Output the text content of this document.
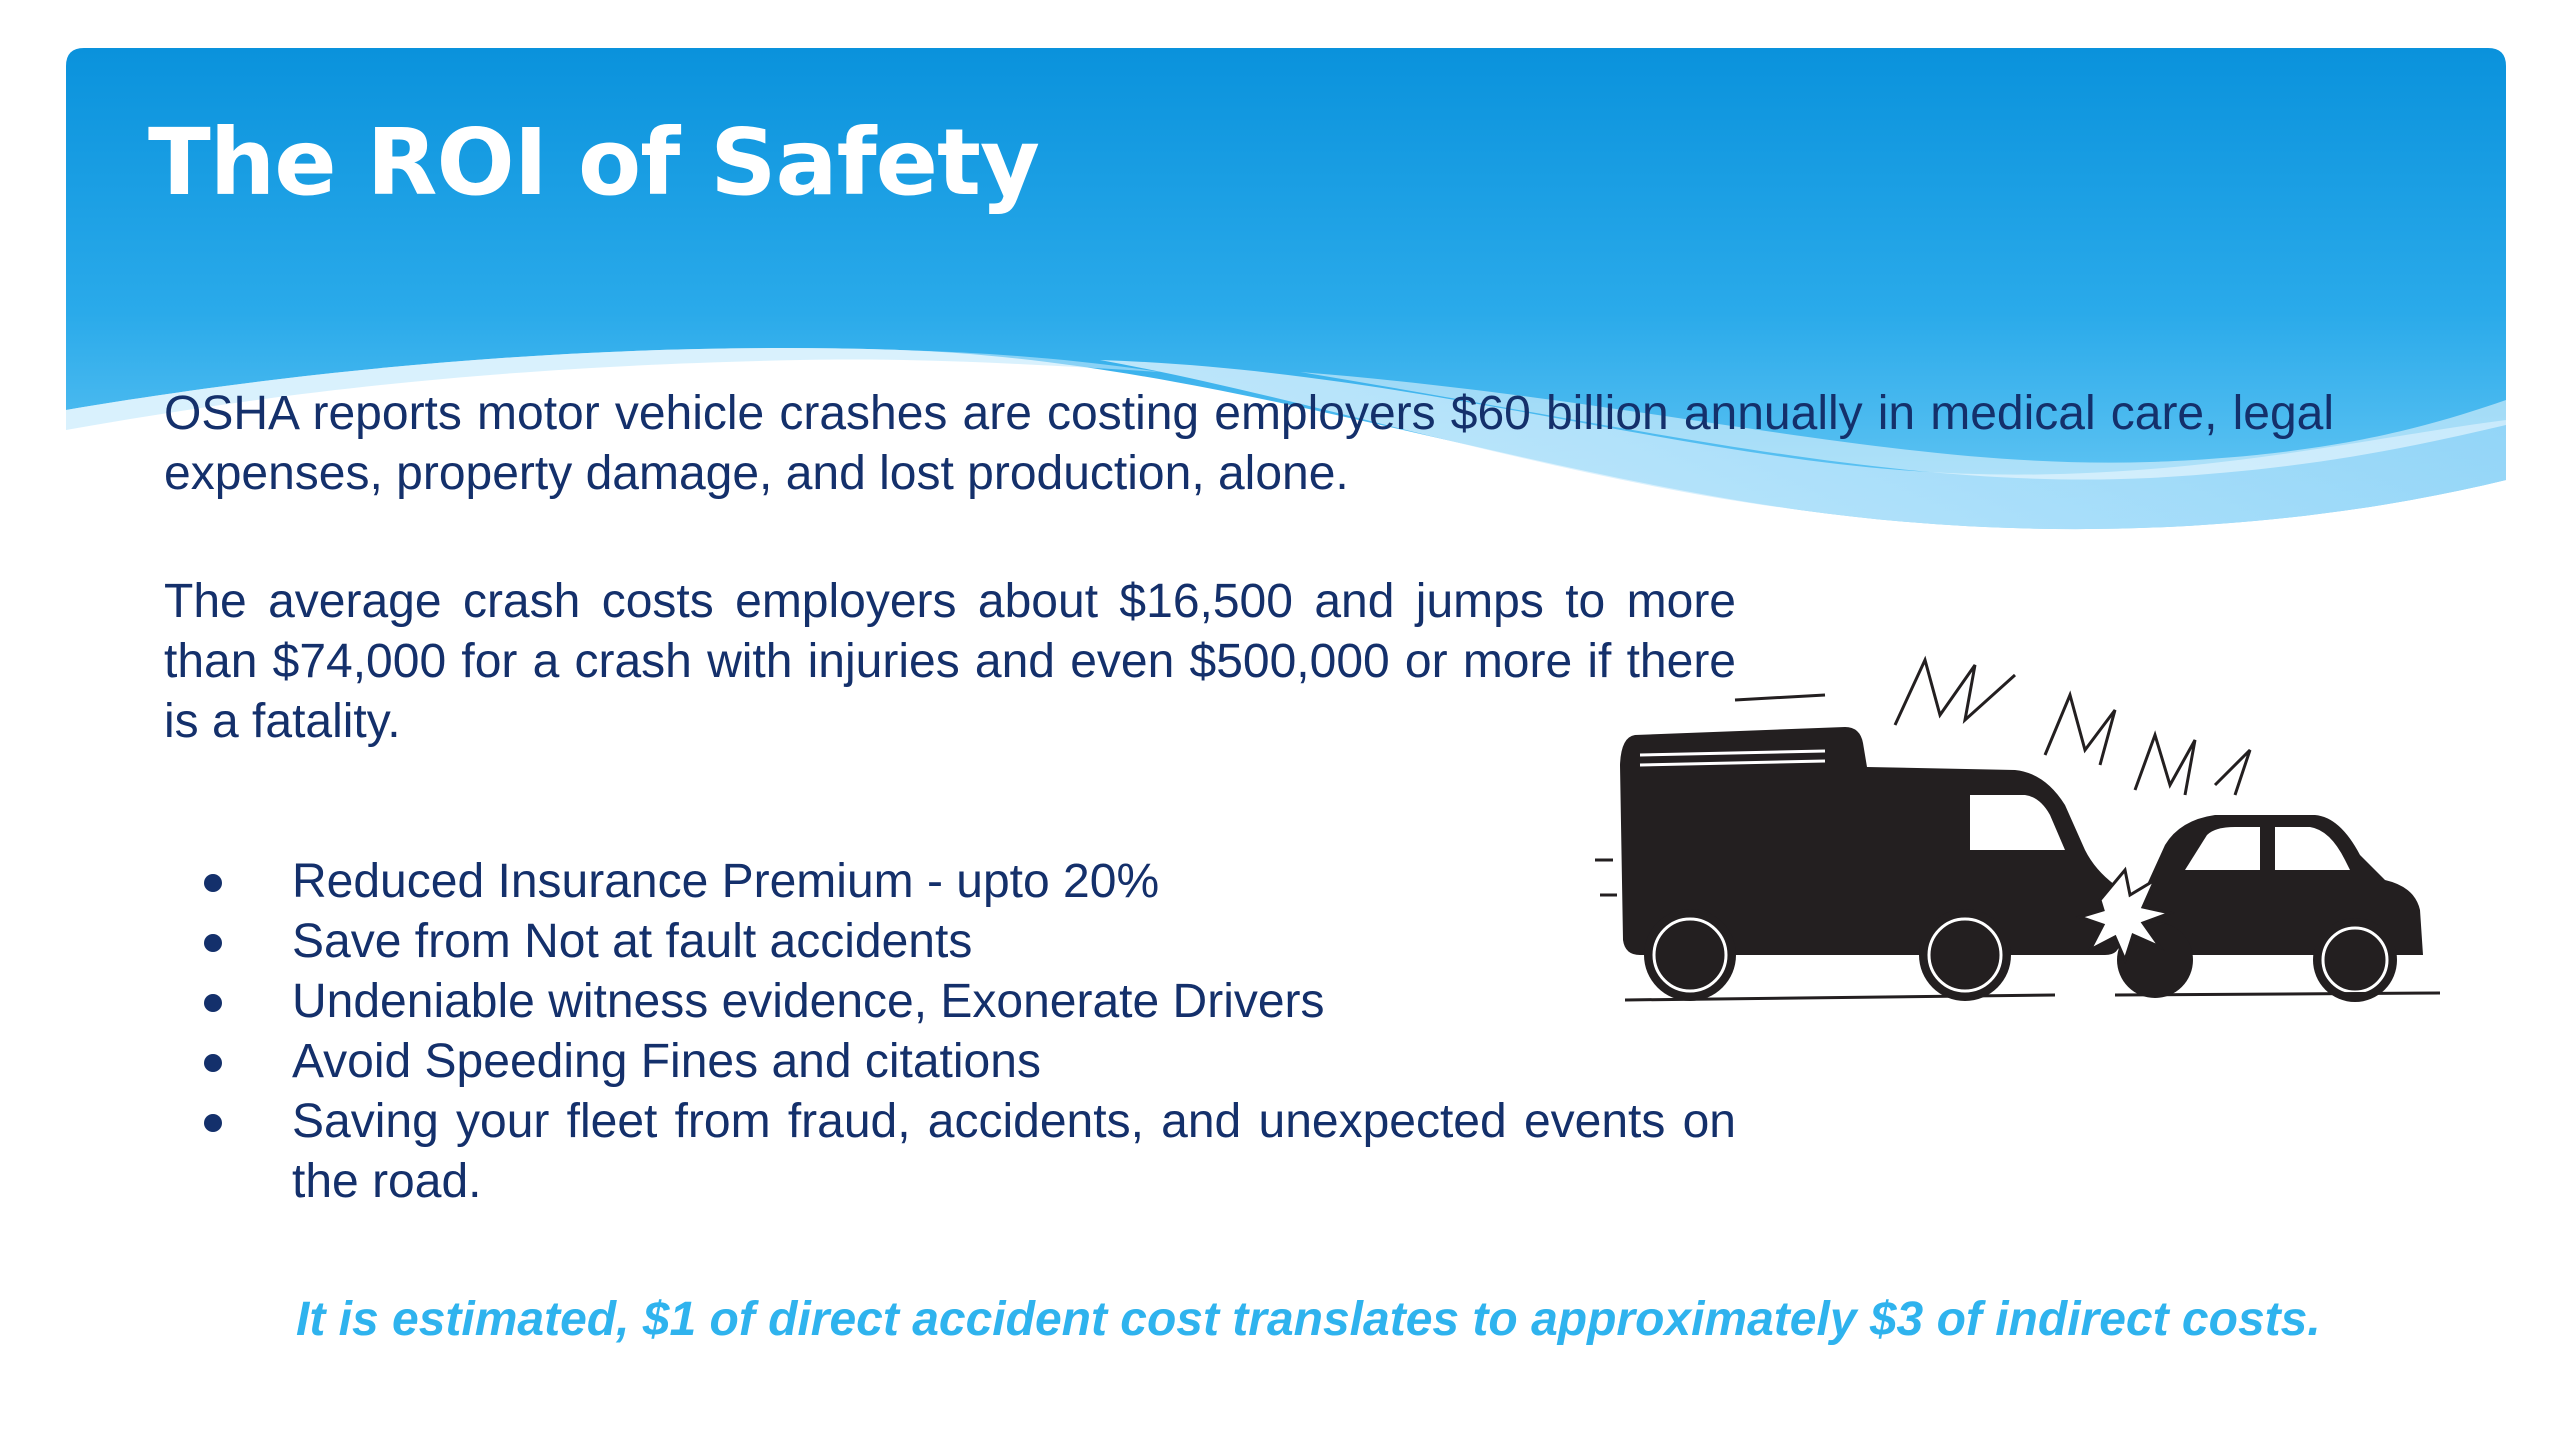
The ROI of Safety

OSHA reports motor vehicle crashes are costing employers $60 billion annually in medical care, legal expenses, property damage, and lost production, alone.

The average crash costs employers about $16,500 and jumps to more than $74,000 for a crash with injuries and even $500,000 or more if there is a fatality.

Reduced Insurance Premium - upto 20%
Save from Not at fault accidents
Undeniable witness evidence, Exonerate Drivers
Avoid Speeding Fines and citations
Saving your fleet from fraud, accidents, and unexpected events on the road.

It is estimated, $1 of direct accident cost translates to approximately $3 of indirect costs.
